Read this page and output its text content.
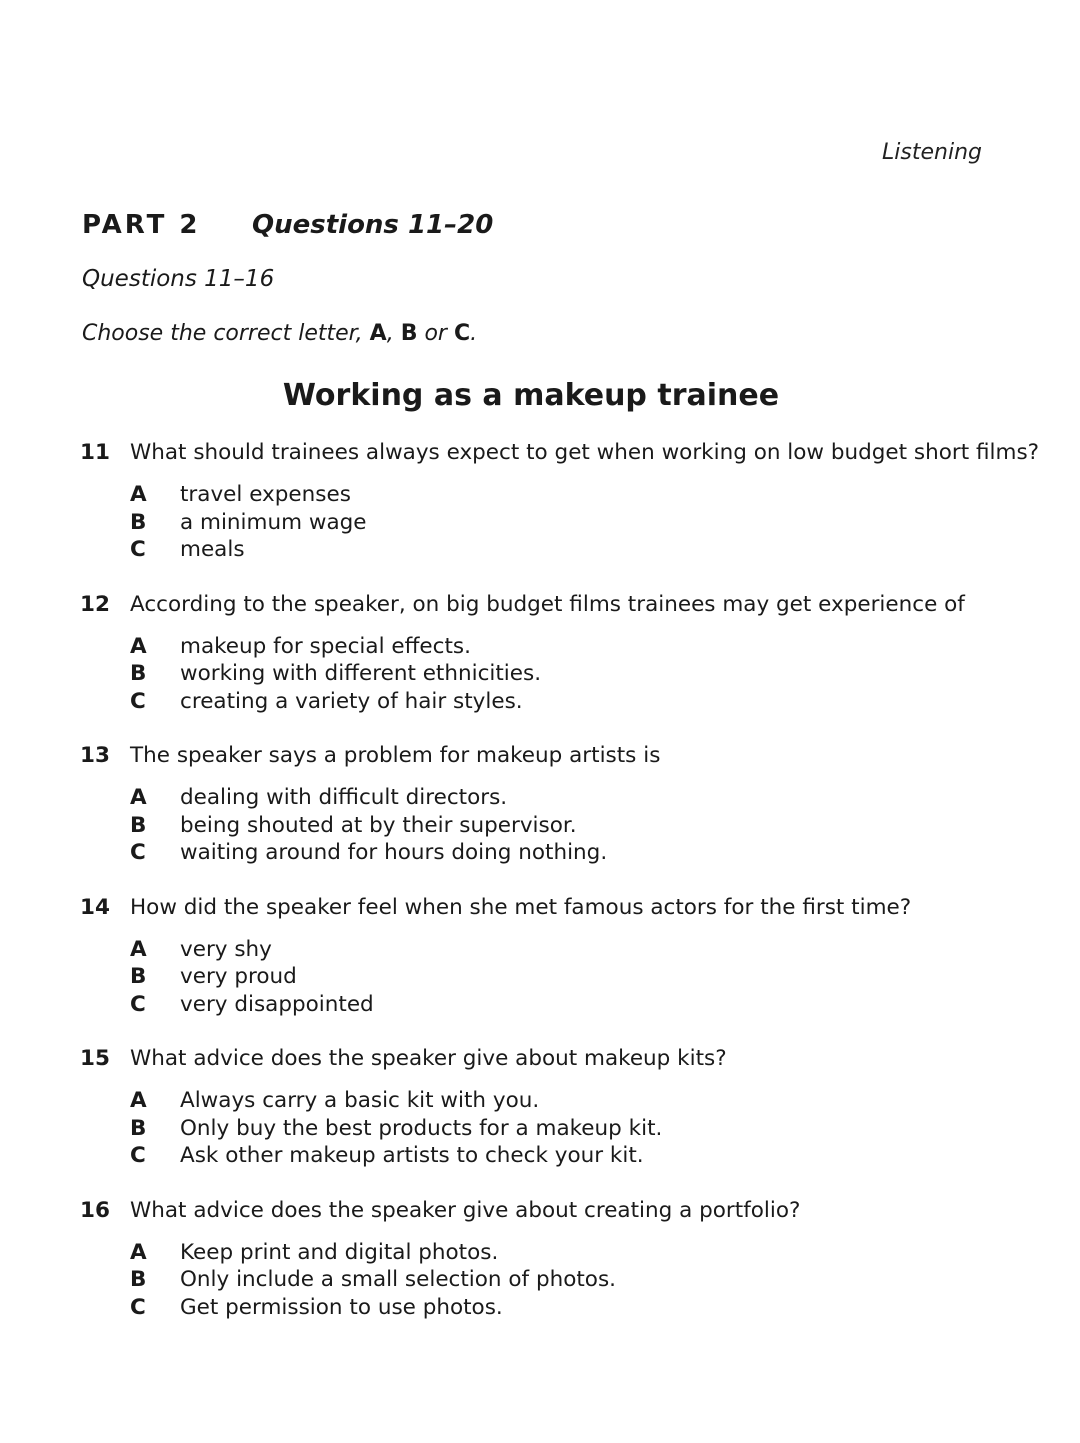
Listening
PART 2	Questions 11–20
Questions 11–16
Choose the correct letter, A, B or C.
Working as a makeup trainee
11 What should trainees always expect to get when working on low budget short films?
A	travel expenses
B	a minimum wage
C	meals
12 According to the speaker, on big budget films trainees may get experience of
A	makeup for special effects.
B	working with different ethnicities.
C	creating a variety of hair styles.
13 The speaker says a problem for makeup artists is
A	dealing with difficult directors.
B	being shouted at by their supervisor.
C	waiting around for hours doing nothing.
14 How did the speaker feel when she met famous actors for the first time?
A	very shy
B	very proud
C	very disappointed
15 What advice does the speaker give about makeup kits?
A	Always carry a basic kit with you.
B	Only buy the best products for a makeup kit.
C	Ask other makeup artists to check your kit.
16 What advice does the speaker give about creating a portfolio?
A	Keep print and digital photos.
B	Only include a small selection of photos.
C	Get permission to use photos.
